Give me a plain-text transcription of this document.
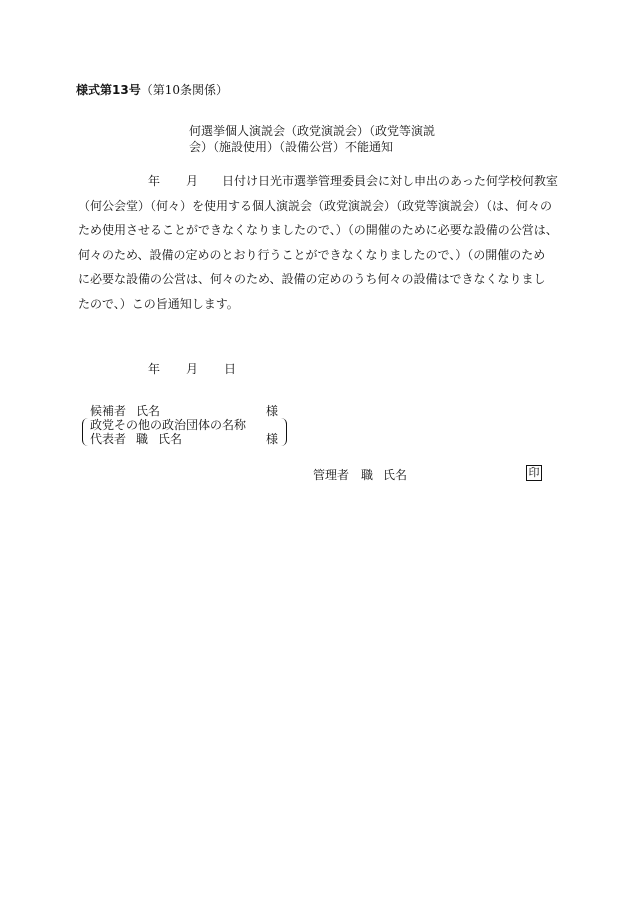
様式第13号（第10条関係）
何選挙個人演説会（政党演説会）（政党等演説
会）（施設使用）（設備公営）不能通知
年 月 日付け日光市選挙管理委員会に対し申出のあった何学校何教室
（何公会堂）（何々）を使用する個人演説会（政党演説会）（政党等演説会）（は、何々の
ため使用させることができなくなりましたので、）（の開催のために必要な設備の公営は、
何々のため、設備の定めのとおり行うことができなくなりましたので、）（の開催のため
に必要な設備の公営は、何々のため、設備の定めのうち何々の設備はできなくなりまし
たので、）この旨通知します。
年 月 日
候補者 氏名	様
政党その他の政治団体の名称
代表者 職 氏名	様
管理者 職 氏名	印
